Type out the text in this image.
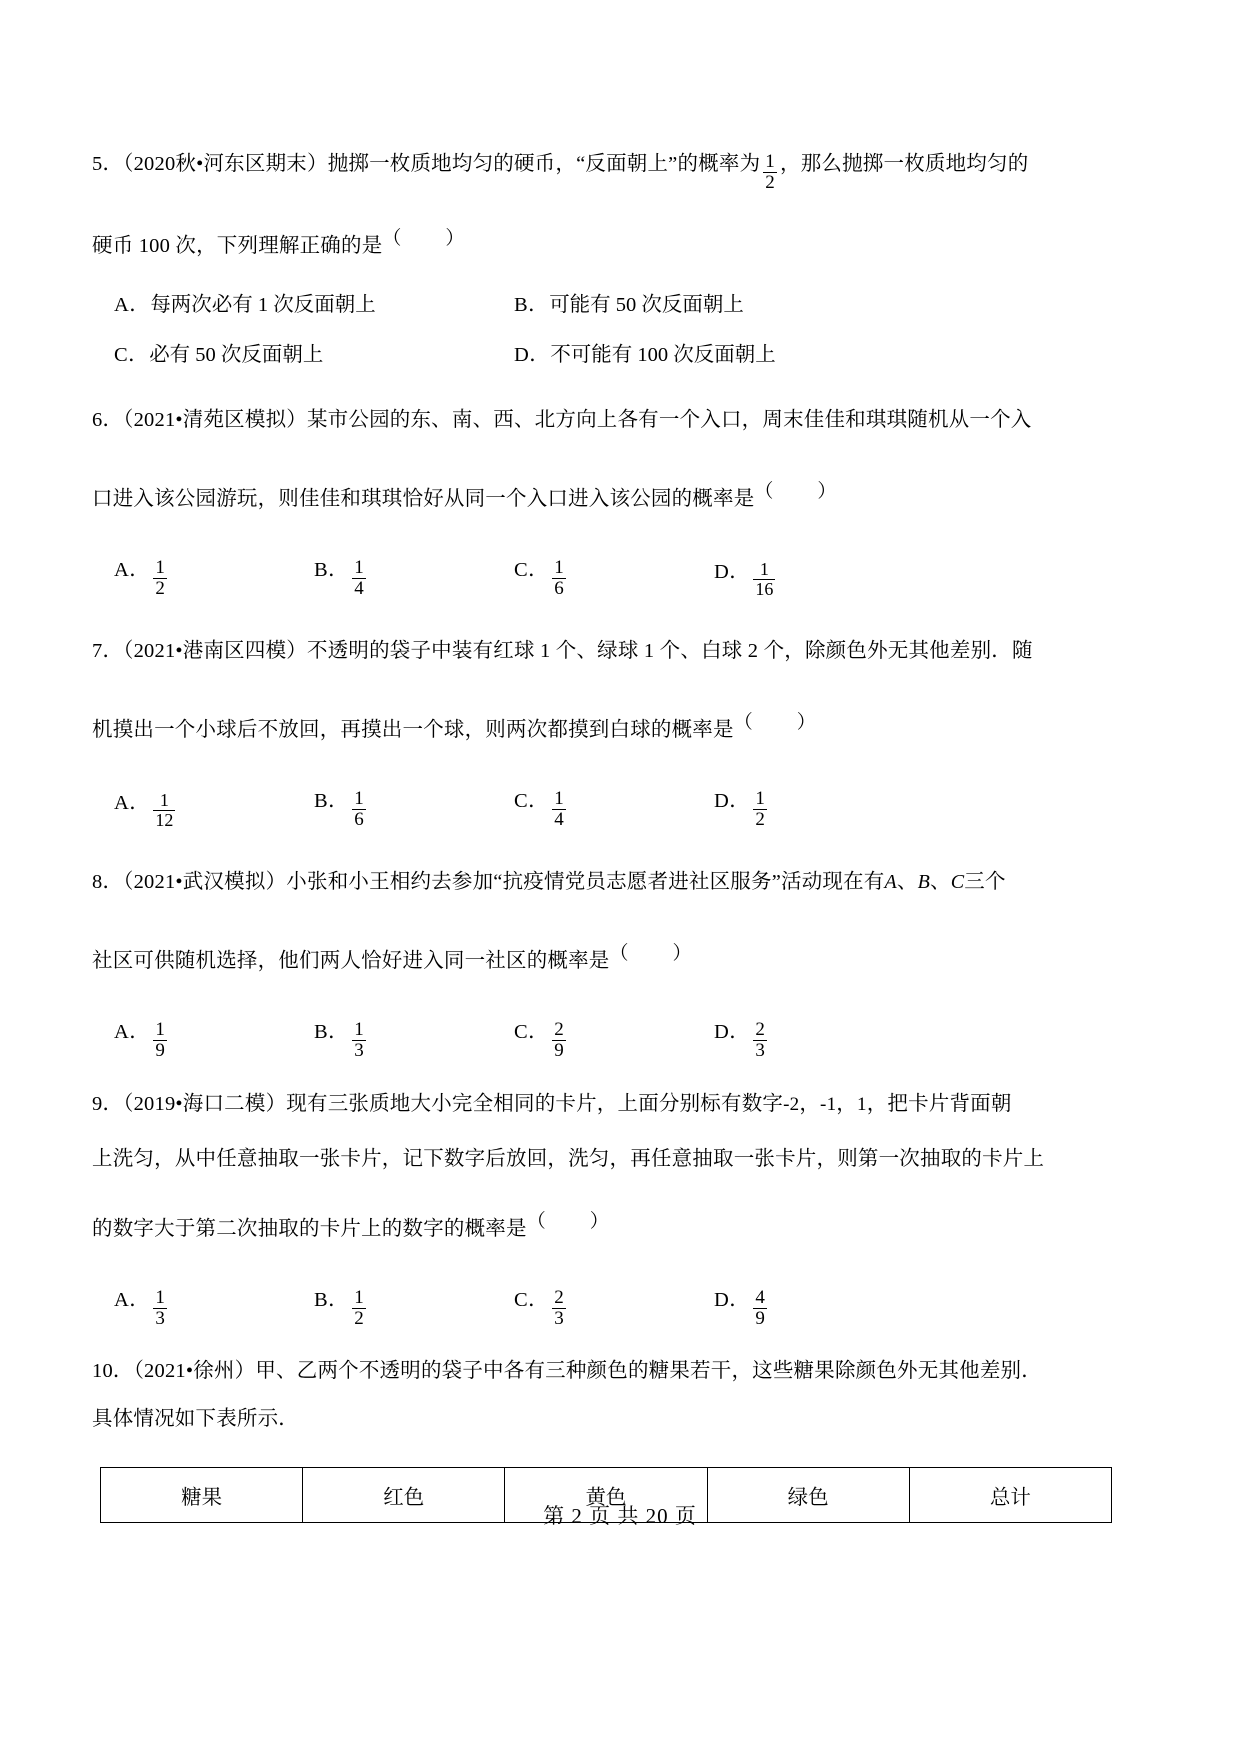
5．（2020秋•河东区期末）抛掷一枚质地均匀的硬币，“反面朝上”的概率为 $\frac{1}{2}$ ，那么抛掷一枚质地均匀的
硬币 100 次，下列理解正确的是（ ）
A．每两次必有 1 次反面朝上	B．可能有 50 次反面朝上
C．必有 50 次反面朝上	D．不可能有 100 次反面朝上
6．（2021•清苑区模拟）某市公园的东、南、西、北方向上各有一个入口，周末佳佳和琪琪随机从一个入
口进入该公园游玩，则佳佳和琪琪恰好从同一个入口进入该公园的概率是（ ）
A． $\frac{1}{2}$	B． $\frac{1}{4}$	C． $\frac{1}{6}$	D． $\frac{1}{16}$
7．（2021•港南区四模）不透明的袋子中装有红球 1 个、绿球 1 个、白球 2 个，除颜色外无其他差别．随
机摸出一个小球后不放回，再摸出一个球，则两次都摸到白球的概率是（ ）
A． $\frac{1}{12}$	B． $\frac{1}{6}$	C． $\frac{1}{4}$	D． $\frac{1}{2}$
8．（2021•武汉模拟）小张和小王相约去参加“抗疫情党员志愿者进社区服务”活动现在有A、B、C三个
社区可供随机选择，他们两人恰好进入同一社区的概率是（ ）
A． $\frac{1}{9}$	B． $\frac{1}{3}$	C． $\frac{2}{9}$	D． $\frac{2}{3}$
9．（2019•海口二模）现有三张质地大小完全相同的卡片，上面分别标有数字-2，-1，1，把卡片背面朝
上洗匀，从中任意抽取一张卡片，记下数字后放回，洗匀，再任意抽取一张卡片，则第一次抽取的卡片上
的数字大于第二次抽取的卡片上的数字的概率是（ ）
A． $\frac{1}{3}$	B． $\frac{1}{2}$	C． $\frac{2}{3}$	D． $\frac{4}{9}$
10．（2021•徐州）甲、乙两个不透明的袋子中各有三种颜色的糖果若干，这些糖果除颜色外无其他差别．
具体情况如下表所示．
糖果	红色	黄色	绿色	总计
第 2 页 共 20 页
